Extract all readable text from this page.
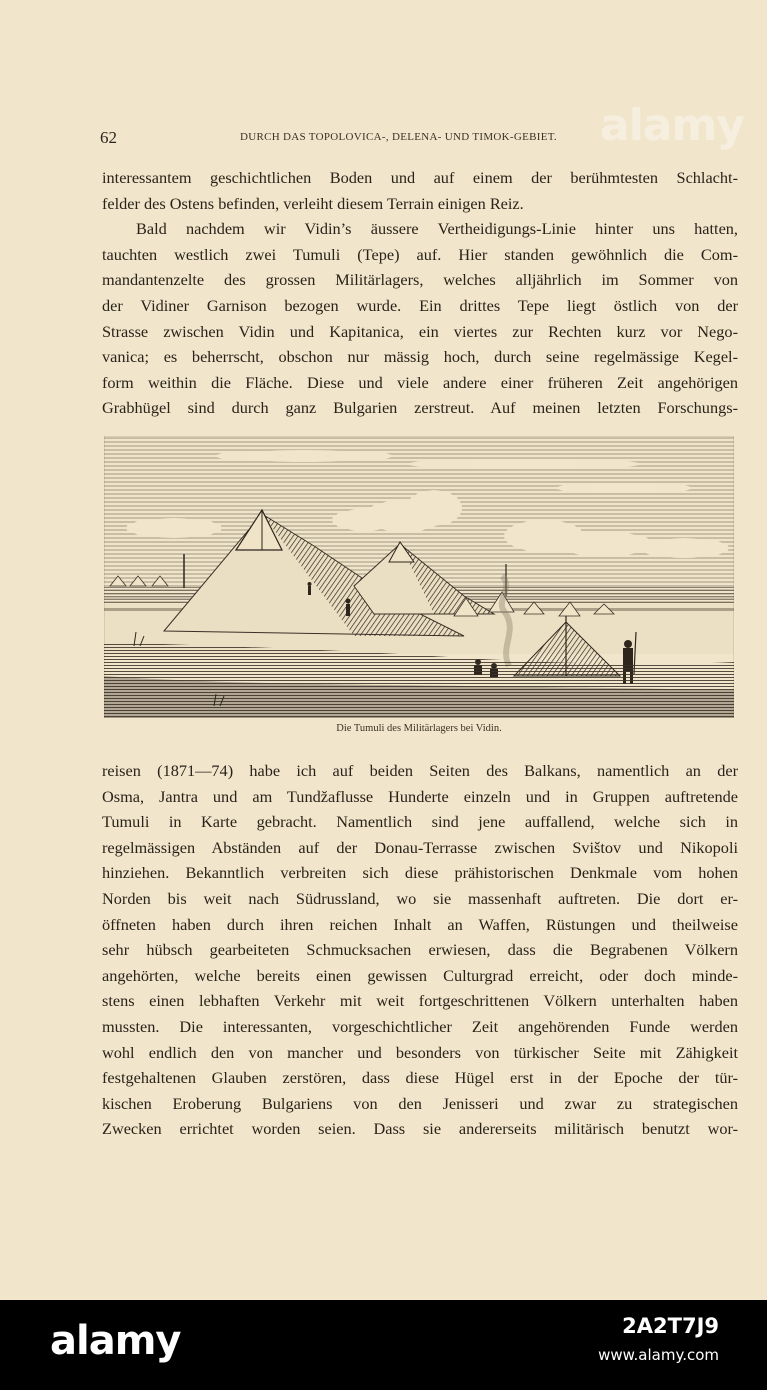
62	DURCH DAS TOPOLOVICA-, DELENA- UND TIMOK-GEBIET. alamy
interessantem geschichtlichen Boden und auf einem der berühmtesten Schlacht-
felder des Ostens befinden, verleiht diesem Terrain einigen Reiz.
Bald nachdem wir Vidin’s äussere Vertheidigungs-Linie hinter uns hatten,
tauchten westlich zwei Tumuli (Tepe) auf. Hier standen gewöhnlich die Com-
mandantenzelte des grossen Militärlagers, welches alljährlich im Sommer von
der Vidiner Garnison bezogen wurde. Ein drittes Tepe liegt östlich von der
Strasse zwischen Vidin und Kapitanica, ein viertes zur Rechten kurz vor Nego-
vanica; es beherrscht, obschon nur mässig hoch, durch seine regelmässige Kegel-
form weithin die Fläche. Diese und viele andere einer früheren Zeit angehörigen
Grabhügel sind durch ganz Bulgarien zerstreut. Auf meinen letzten Forschungs-
Die Tumuli des Militärlagers bei Vidin.
reisen (1871—74) habe ich auf beiden Seiten des Balkans, namentlich an der
Osma, Jantra und am Tundžaflusse Hunderte einzeln und in Gruppen auftretende
Tumuli in Karte gebracht. Namentlich sind jene auffallend, welche sich in
regelmässigen Abständen auf der Donau-Terrasse zwischen Svištov und Nikopoli
hinziehen. Bekanntlich verbreiten sich diese prähistorischen Denkmale vom hohen
Norden bis weit nach Südrussland, wo sie massenhaft auftreten. Die dort er-
öffneten haben durch ihren reichen Inhalt an Waffen, Rüstungen und theilweise
sehr hübsch gearbeiteten Schmucksachen erwiesen, dass die Begrabenen Völkern
angehörten, welche bereits einen gewissen Culturgrad erreicht, oder doch minde-
stens einen lebhaften Verkehr mit weit fortgeschrittenen Völkern unterhalten haben
mussten. Die interessanten, vorgeschichtlicher Zeit angehörenden Funde werden
wohl endlich den von mancher und besonders von türkischer Seite mit Zähigkeit
festgehaltenen Glauben zerstören, dass diese Hügel erst in der Epoche der tür-
kischen Eroberung Bulgariens von den Jenisseri und zwar zu strategischen
Zwecken errichtet worden seien. Dass sie andererseits militärisch benutzt wor-
alamy	2A2T7J9
www.alamy.com
